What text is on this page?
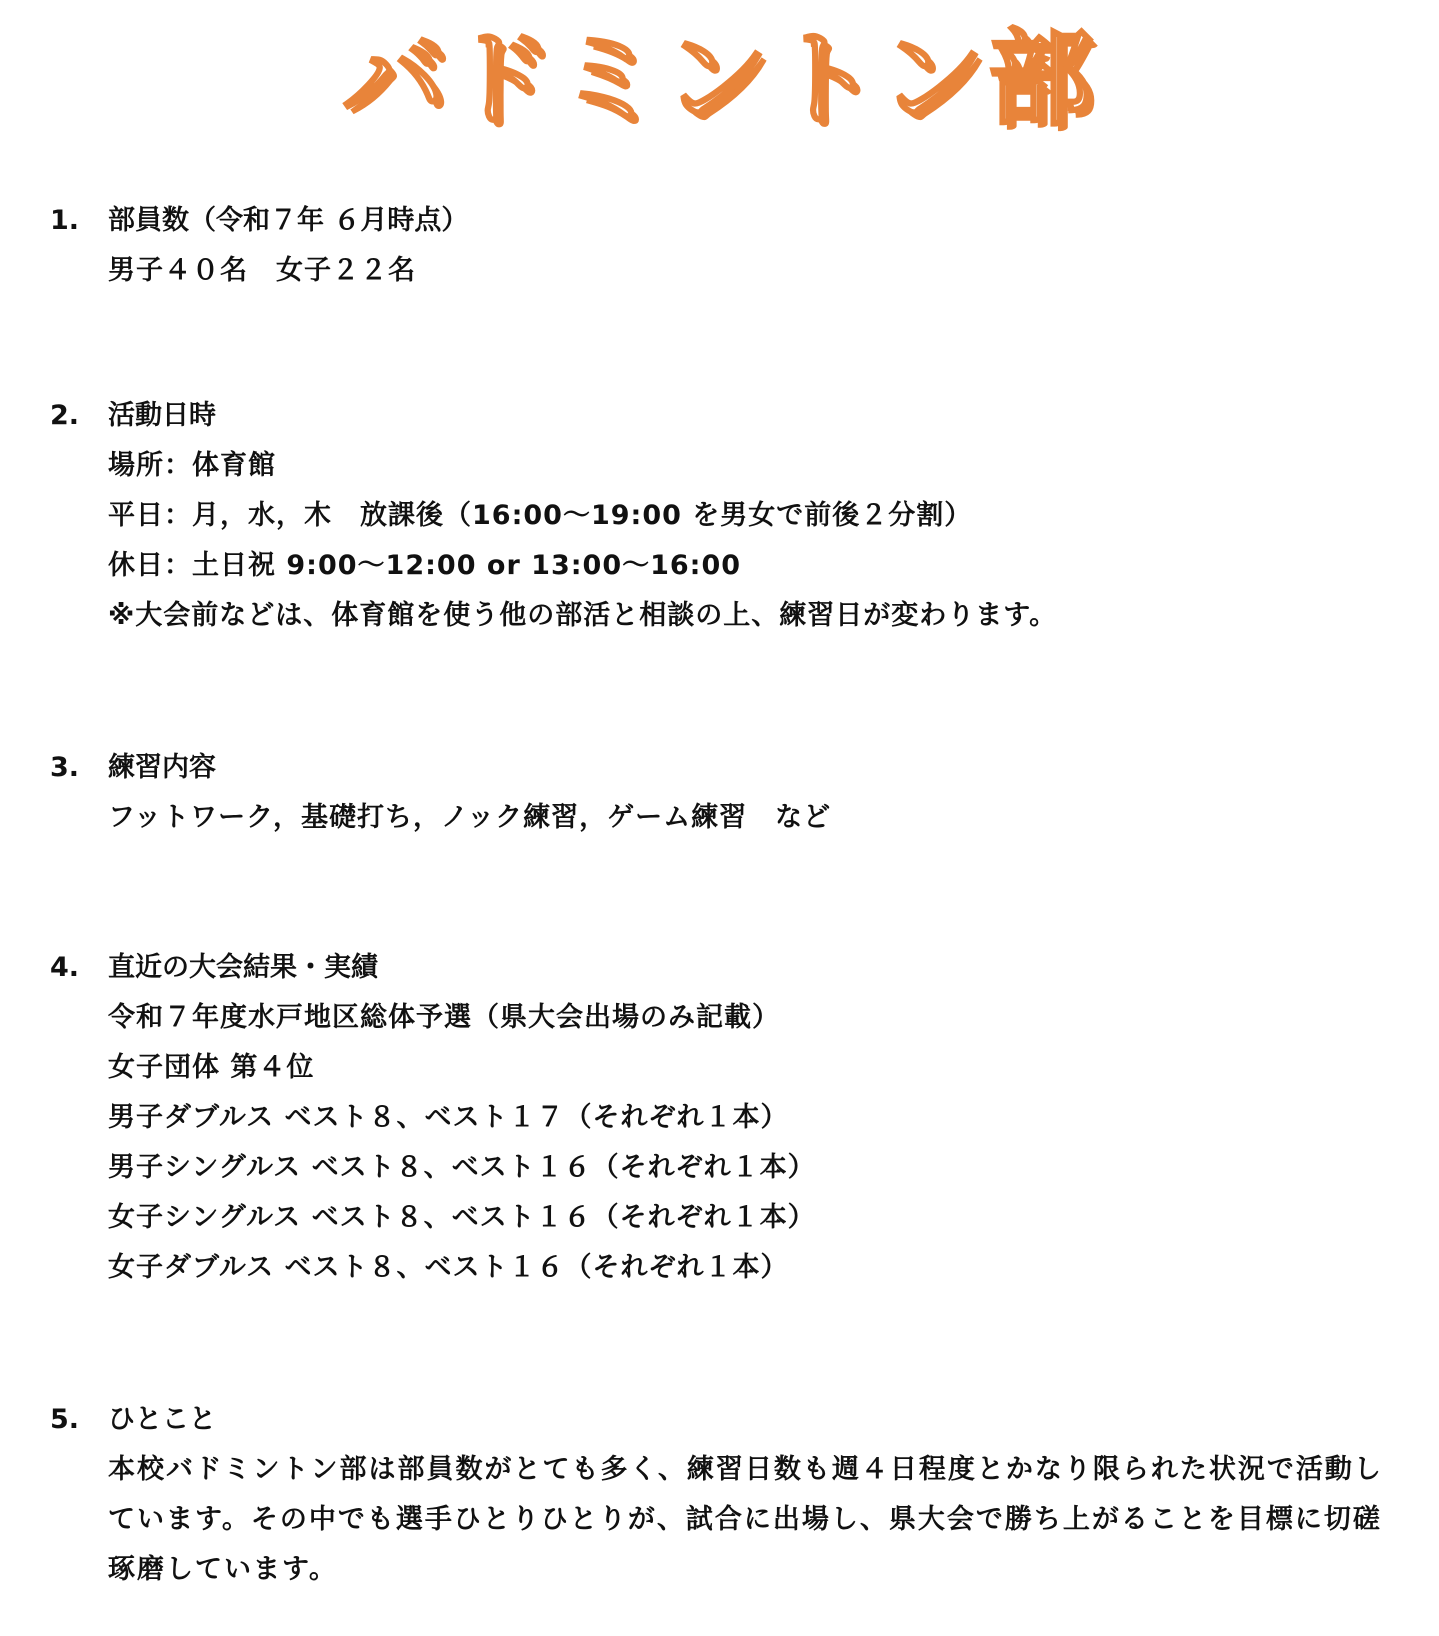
バドミントン部
1. 部員数（令和７年 ６月時点）
男子４０名　女子２２名
2. 活動日時
場所：体育館
平日：月，水，木　放課後（16:00～19:00 を男女で前後２分割）
休日：土日祝 9:00～12:00 or 13:00～16:00
※大会前などは、体育館を使う他の部活と相談の上、練習日が変わります。
3. 練習内容
フットワーク，基礎打ち，ノック練習，ゲーム練習　など
4. 直近の大会結果・実績
令和７年度水戸地区総体予選（県大会出場のみ記載）
女子団体 第４位
男子ダブルス ベスト８、ベスト１７（それぞれ１本）
男子シングルス ベスト８、ベスト１６（それぞれ１本）
女子シングルス ベスト８、ベスト１６（それぞれ１本）
女子ダブルス ベスト８、ベスト１６（それぞれ１本）
5. ひとこと
本校バドミントン部は部員数がとても多く、練習日数も週４日程度とかなり限られた状況で活動しています。その中でも選手ひとりひとりが、試合に出場し、県大会で勝ち上がることを目標に切磋琢磨しています。
